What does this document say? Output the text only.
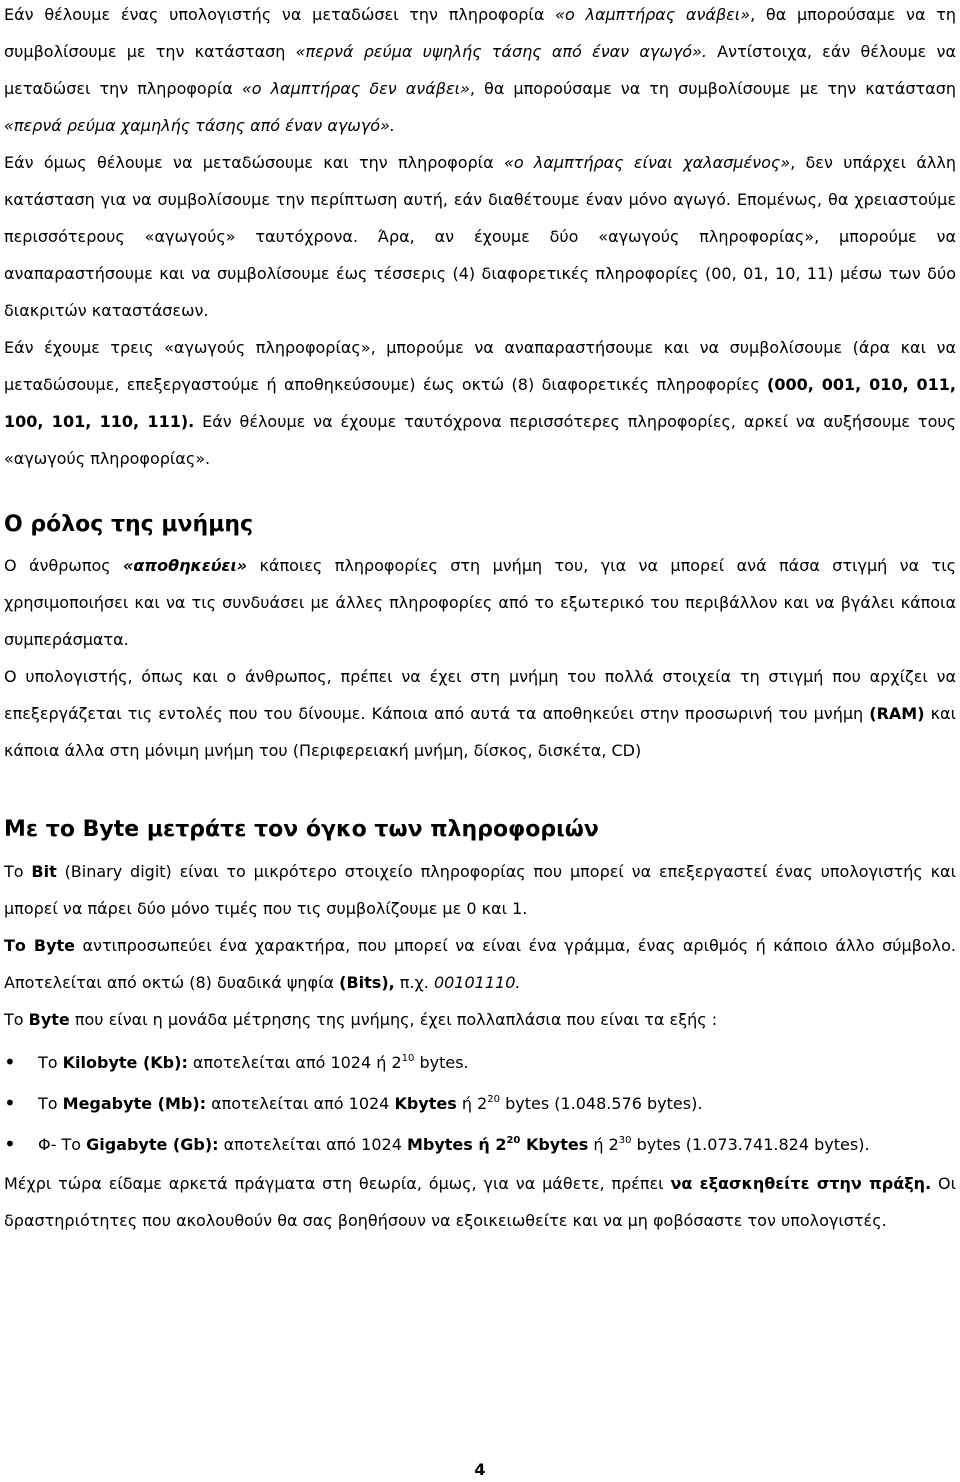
Εάν θέλουμε ένας υπολογιστής να μεταδώσει την πληροφορία «ο λαμπτήρας ανάβει», θα μπορούσαμε να τη συμβολίσουμε με την κατάσταση «περνά ρεύμα υψηλής τάσης από έναν αγωγό». Αντίστοιχα, εάν θέλουμε να μεταδώσει την πληροφορία «ο λαμπτήρας δεν ανάβει», θα μπορούσαμε να τη συμβολίσουμε με την κατάσταση «περνά ρεύμα χαμηλής τάσης από έναν αγωγό».

Εάν όμως θέλουμε να μεταδώσουμε και την πληροφορία «ο λαμπτήρας είναι χαλασμένος», δεν υπάρχει άλλη κατάσταση για να συμβολίσουμε την περίπτωση αυτή, εάν διαθέτουμε έναν μόνο αγωγό. Επομένως, θα χρειαστούμε περισσότερους «αγωγούς» ταυτόχρονα. Άρα, αν έχουμε δύο «αγωγούς πληροφορίας», μπορούμε να αναπαραστήσουμε και να συμβολίσουμε έως τέσσερις (4) διαφορετικές πληροφορίες (00, 01, 10, 11) μέσω των δύο διακριτών καταστάσεων.

Εάν έχουμε τρεις «αγωγούς πληροφορίας», μπορούμε να αναπαραστήσουμε και να συμβολίσουμε (άρα και να μεταδώσουμε, επεξεργαστούμε ή αποθηκεύσουμε) έως οκτώ (8) διαφορετικές πληροφορίες (000, 001, 010, 011, 100, 101, 110, 111). Εάν θέλουμε να έχουμε ταυτόχρονα περισσότερες πληροφορίες, αρκεί να αυξήσουμε τους «αγωγούς πληροφορίας».

Ο ρόλος της μνήμης

Ο άνθρωπος «αποθηκεύει» κάποιες πληροφορίες στη μνήμη του, για να μπορεί ανά πάσα στιγμή να τις χρησιμοποιήσει και να τις συνδυάσει με άλλες πληροφορίες από το εξωτερικό του περιβάλλον και να βγάλει κάποια συμπεράσματα.

Ο υπολογιστής, όπως και ο άνθρωπος, πρέπει να έχει στη μνήμη του πολλά στοιχεία τη στιγμή που αρχίζει να επεξεργάζεται τις εντολές που του δίνουμε. Κάποια από αυτά τα αποθηκεύει στην προσωρινή του μνήμη (RAM) και κάποια άλλα στη μόνιμη μνήμη του (Περιφερειακή μνήμη, δίσκος, δισκέτα, CD)

Με το Byte μετράτε τον όγκο των πληροφοριών

Το Bit (Binary digit) είναι το μικρότερο στοιχείο πληροφορίας που μπορεί να επεξεργαστεί ένας υπολογιστής και μπορεί να πάρει δύο μόνο τιμές που τις συμβολίζουμε με 0 και 1.

Το Byte αντιπροσωπεύει ένα χαρακτήρα, που μπορεί να είναι ένα γράμμα, ένας αριθμός ή κάποιο άλλο σύμβολο. Αποτελείται από οκτώ (8) δυαδικά ψηφία (Bits), π.χ. 00101110.

Το Byte που είναι η μονάδα μέτρησης της μνήμης, έχει πολλαπλάσια που είναι τα εξής :

• Το Kilobyte (Kb): αποτελείται από 1024 ή $2^{10}$ bytes.
• Το Megabyte (Mb): αποτελείται από 1024 Kbytes ή $2^{20}$ bytes (1.048.576 bytes).
• Φ- Το Gigabyte (Gb): αποτελείται από 1024 Mbytes ή $2^{20}$ Kbytes ή $2^{30}$ bytes (1.073.741.824 bytes).

Μέχρι τώρα είδαμε αρκετά πράγματα στη θεωρία, όμως, για να μάθετε, πρέπει να εξασκηθείτε στην πράξη. Οι δραστηριότητες που ακολουθούν θα σας βοηθήσουν να εξοικειωθείτε και να μη φοβόσαστε τον υπολογιστές.

4
